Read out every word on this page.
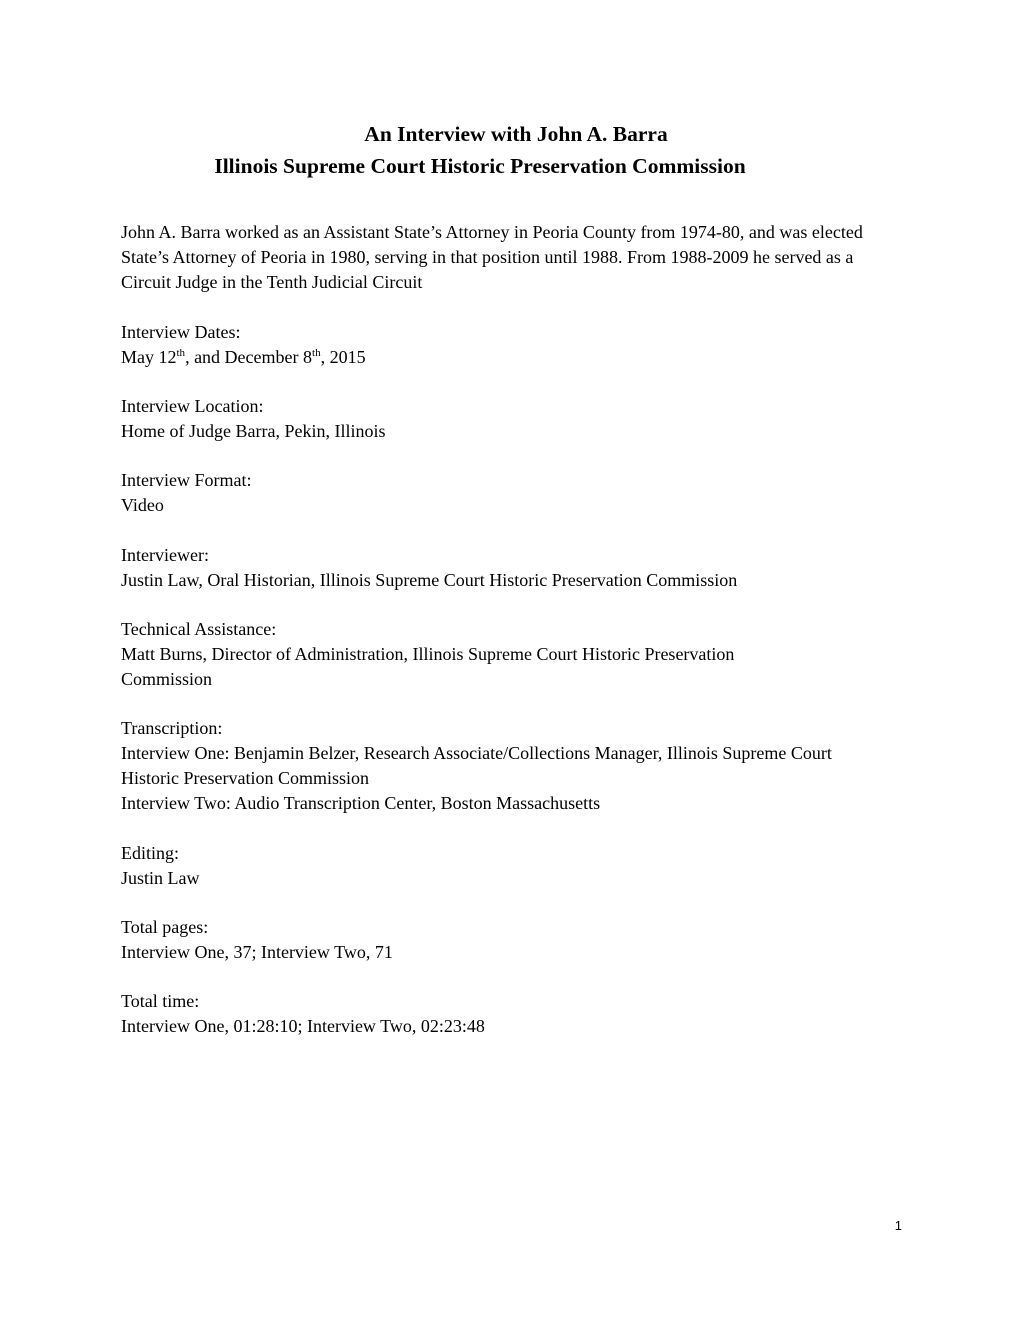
An Interview with John A. Barra
Illinois Supreme Court Historic Preservation Commission
John A. Barra worked as an Assistant State’s Attorney in Peoria County from 1974-80, and was elected State’s Attorney of Peoria in 1980, serving in that position until 1988. From 1988-2009 he served as a Circuit Judge in the Tenth Judicial Circuit
Interview Dates:
May 12th, and December 8th, 2015
Interview Location:
Home of Judge Barra, Pekin, Illinois
Interview Format:
Video
Interviewer:
Justin Law, Oral Historian, Illinois Supreme Court Historic Preservation Commission
Technical Assistance:
Matt Burns, Director of Administration, Illinois Supreme Court Historic Preservation Commission
Transcription:
Interview One: Benjamin Belzer, Research Associate/Collections Manager, Illinois Supreme Court Historic Preservation Commission
Interview Two: Audio Transcription Center, Boston Massachusetts
Editing:
Justin Law
Total pages:
Interview One, 37; Interview Two, 71
Total time:
Interview One, 01:28:10; Interview Two, 02:23:48
1
